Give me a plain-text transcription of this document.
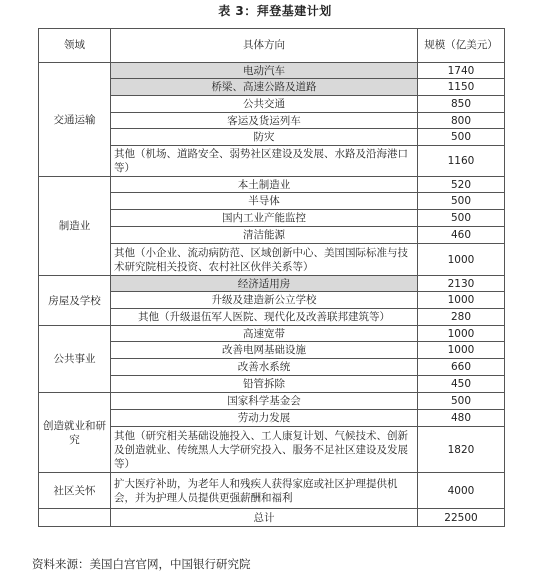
表 3：拜登基建计划
领域	具体方向	规模（亿美元）
交通运输	电动汽车	1740
	桥梁、高速公路及道路	1150
	公共交通	850
	客运及货运列车	800
	防灾	500
	其他（机场、道路安全、弱势社区建设及发展、水路及沿海港口等）	1160
制造业	本土制造业	520
	半导体	500
	国内工业产能监控	500
	清洁能源	460
	其他（小企业、流动病防范、区域创新中心、美国国际标准与技术研究院相关投资、农村社区伙伴关系等）	1000
房屋及学校	经济适用房	2130
	升级及建造新公立学校	1000
	其他（升级退伍军人医院、现代化及改善联邦建筑等）	280
公共事业	高速宽带	1000
	改善电网基础设施	1000
	改善水系统	660
	铅管拆除	450
创造就业和研究	国家科学基金会	500
	劳动力发展	480
	其他（研究相关基础设施投入、工人康复计划、气候技术、创新及创造就业、传统黑人大学研究投入、服务不足社区建设及发展等）	1820
社区关怀	扩大医疗补助，为老年人和残疾人获得家庭或社区护理提供机会，并为护理人员提供更强薪酬和福利	4000
	总计	22500
资料来源：美国白宫官网，中国银行研究院
